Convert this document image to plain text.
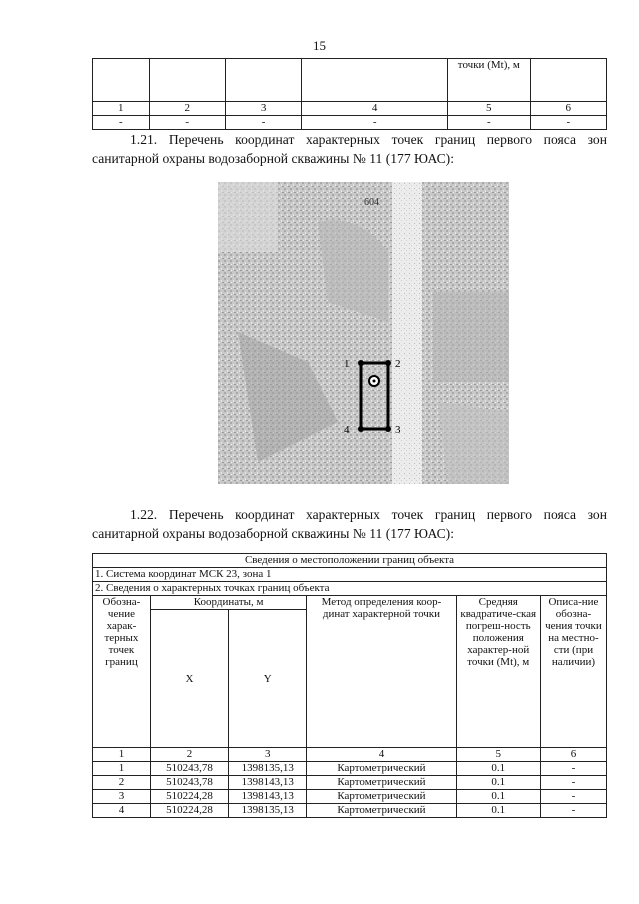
15
				точки (Mt), м	
1	2	3	4	5	6
-	-	-	-	-	-
1.21. Перечень координат характерных точек границ первого пояса зон санитарной охраны водозаборной скважины № 11 (177 ЮАС):
604
1	2
3
4
1.22. Перечень координат характерных точек границ первого пояса зон санитарной охраны водозаборной скважины № 11 (177 ЮАС):
Сведения о местоположении границ объекта					
1. Система координат МСК 23, зона 1					
2. Сведения о характерных точках границ объекта					
Обозна-чение харак-терных точек границ	Координаты, м		Метод определения коор-динат характерной точки	Средняя квадратиче-ская погреш-ность положения характер-ной точки (Mt), м	Описа-ние обозна-чения точки на местно-сти (при наличии)
	X	Y			
1	2	3	4	5	6
1	510243,78	1398135,13	Картометрический	0.1	-
2	510243,78	1398143,13	Картометрический	0.1	-
3	510224,28	1398143,13	Картометрический	0.1	-
4	510224,28	1398135,13	Картометрический	0.1	-
